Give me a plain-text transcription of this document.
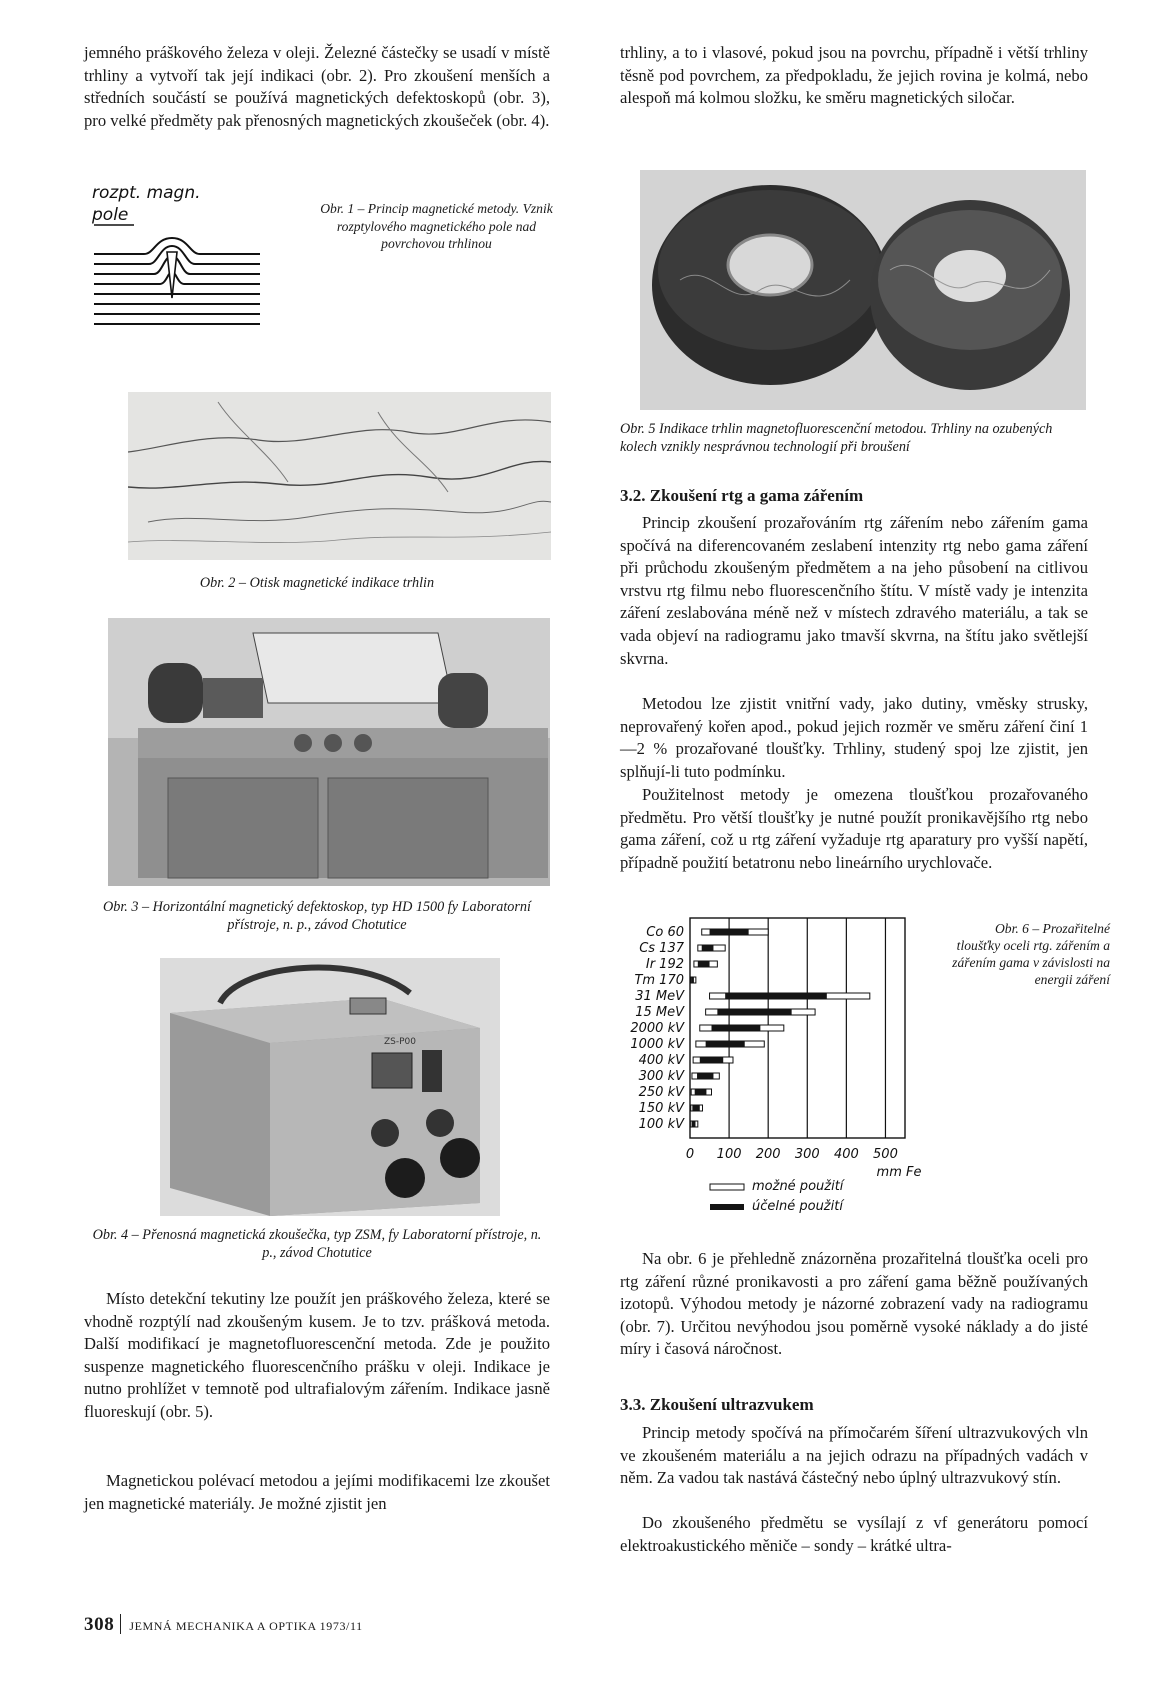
jemného práškového železa v oleji. Železné částečky se usadí v místě trhliny a vytvoří tak její indikaci (obr. 2). Pro zkoušení menších a středních součástí se používá magnetických defektoskopů (obr. 3), pro velké předměty pak přenosných magnetických zkoušeček (obr. 4).

rozpt. magn.
pole	Obr. 1 – Princip magnetické metody. Vznik rozptylového magnetického pole nad povrchovou trhlinou

Obr. 2 – Otisk magnetické indikace trhlin

Obr. 3 – Horizontální magnetický defektoskop, typ HD 1500 fy Laboratorní přístroje, n. p., závod Chotutice

ZS-P00

Obr. 4 – Přenosná magnetická zkoušečka, typ ZSM, fy Laboratorní přístroje, n. p., závod Chotutice

Místo detekční tekutiny lze použít jen práškového železa, které se vhodně rozptýlí nad zkoušeným kusem. Je to tzv. prášková metoda. Další modifikací je magnetofluorescenční metoda. Zde je použito suspenze magnetického fluorescenčního prášku v oleji. Indikace je nutno prohlížet v temnotě pod ultrafialovým zářením. Indikace jasně fluoreskují (obr. 5).

Magnetickou polévací metodou a jejími modifikacemi lze zkoušet jen magnetické materiály. Je možné zjistit jen

trhliny, a to i vlasové, pokud jsou na povrchu, případně i větší trhliny těsně pod povrchem, za předpokladu, že jejich rovina je kolmá, nebo alespoň má kolmou složku, ke směru magnetických siločar.

Obr. 5 Indikace trhlin magnetofluorescenční metodou. Trhliny na ozubených kolech vznikly nesprávnou technologií při broušení

3.2. Zkoušení rtg a gama zářením

Princip zkoušení prozařováním rtg zářením nebo zářením gama spočívá na diferencovaném zeslabení intenzity rtg nebo gama záření při průchodu zkoušeným předmětem a na jeho působení na citlivou vrstvu rtg filmu nebo fluorescenčního štítu. V místě vady je intenzita záření zeslabována méně než v místech zdravého materiálu, a tak se vada objeví na radiogramu jako tmavší skvrna, na štítu jako světlejší skvrna.

Metodou lze zjistit vnitřní vady, jako dutiny, vměsky strusky, neprovařený kořen apod., pokud jejich rozměr ve směru záření činí 1—2 % prozařované tloušťky. Trhliny, studený spoj lze zjistit, jen splňují-li tuto podmínku.

Použitelnost metody je omezena tloušťkou prozařovaného předmětu. Pro větší tloušťky je nutné použít pronikavějšího rtg nebo gama záření, což u rtg záření vyžaduje rtg aparatury pro vyšší napětí, případně použití betatronu nebo lineárního urychlovače.

0 100 200 300 400 500
mm Fe
Co 60
Cs 137
Ir 192
Tm 170
31 MeV
15 MeV
2000 kV
1000 kV
400 kV
300 kV
250 kV
150 kV
100 kV
možné použití
účelné použití

Obr. 6 – Prozařitelné tloušťky oceli rtg. zářením a zářením gama v závislosti na energii záření

Na obr. 6 je přehledně znázorněna prozařitelná tloušťka oceli pro rtg záření různé pronikavosti a pro záření gama běžně používaných izotopů. Výhodou metody je názorné zobrazení vady na radiogramu (obr. 7). Určitou nevýhodou jsou poměrně vysoké náklady a do jisté míry i časová náročnost.

3.3. Zkoušení ultrazvukem

Princip metody spočívá na přímočarém šíření ultrazvukových vln ve zkoušeném materiálu a na jejich odrazu na případných vadách v něm. Za vadou tak nastává částečný nebo úplný ultrazvukový stín.

Do zkoušeného předmětu se vysílají z vf generátoru pomocí elektroakustického měniče – sondy – krátké ultra-

308 JEMNÁ MECHANIKA A OPTIKA 1973/11
